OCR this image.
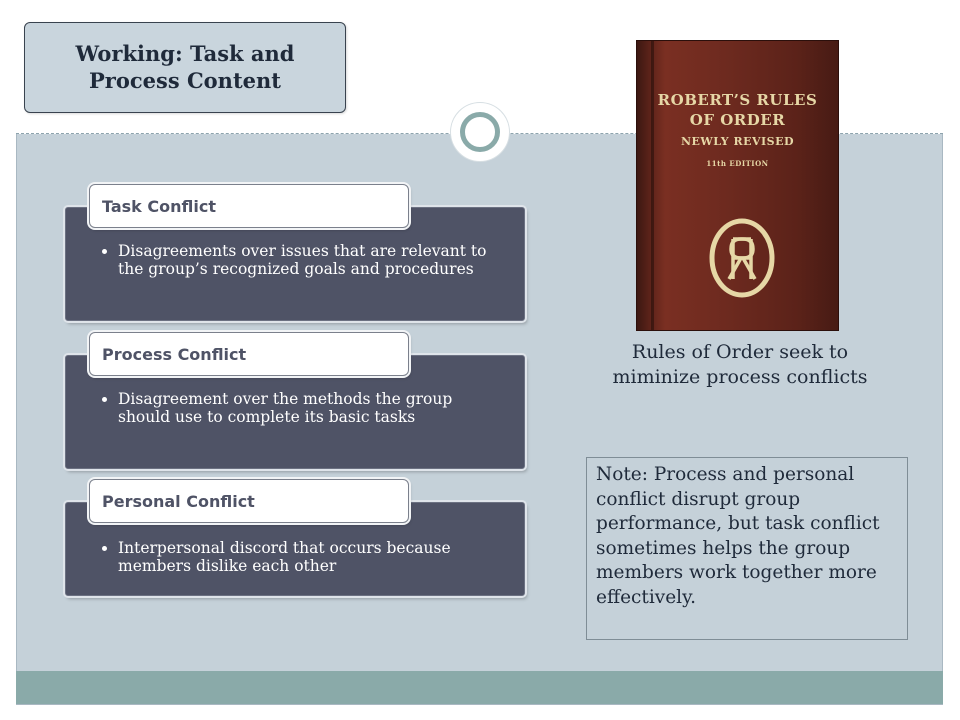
Working: Task and
Process Content
• Disagreements over issues that are relevant to the group’s recognized goals and procedures
Task Conflict
• Disagreement over the methods the group should use to complete its basic tasks
Process Conflict
• Interpersonal discord that occurs because members dislike each other
Personal Conflict
ROBERT’S RULES
OF ORDER
NEWLY REVISED
11th EDITION
Rules of Order seek to miminize process conflicts
Note: Process and personal conflict disrupt group performance, but task conflict sometimes helps the group members work together more effectively.
